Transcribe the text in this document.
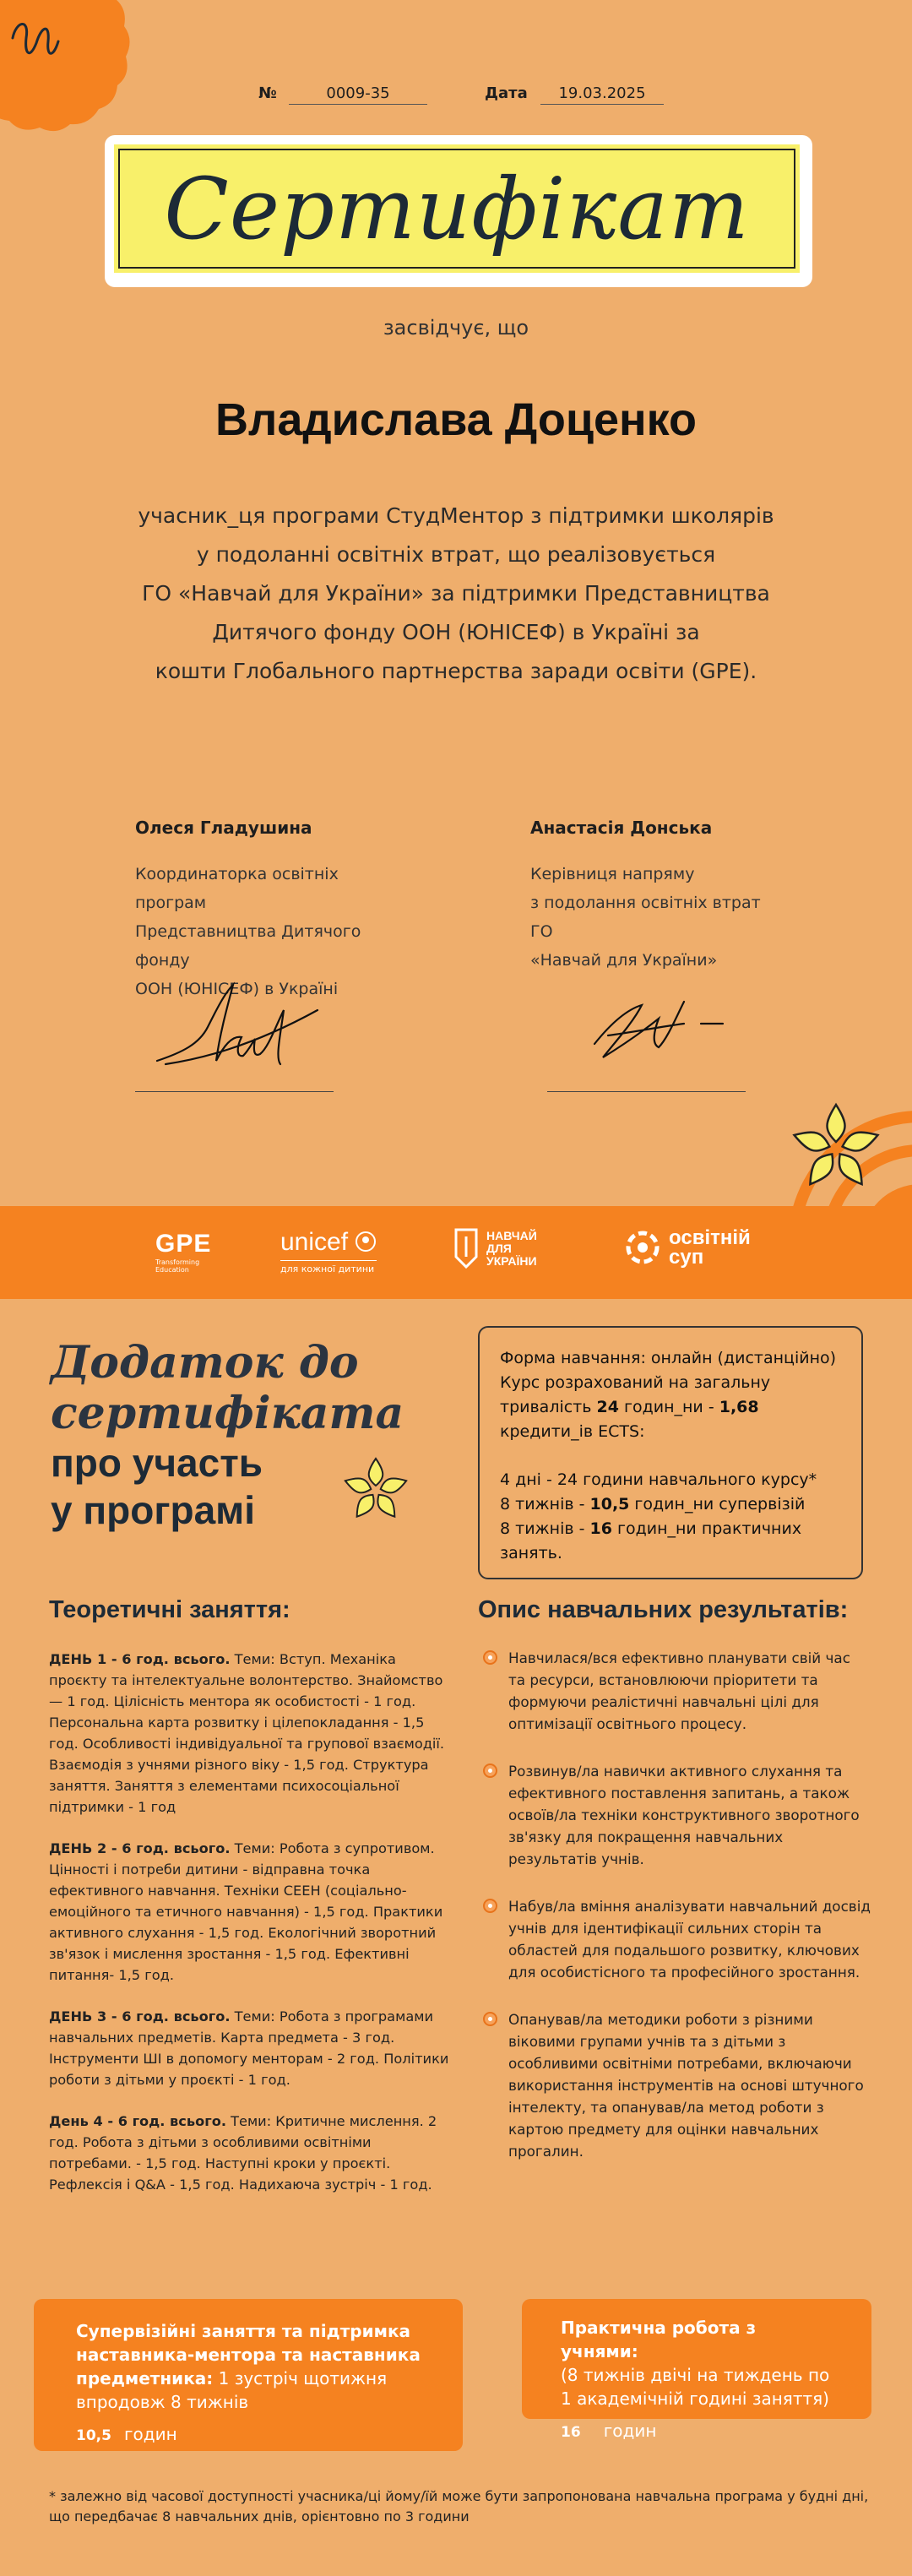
№	0009-35	Дата	19.03.2025
Сертифікат
засвідчує, що
Владислава Доценко
учасник_ця програми СтудМентор з підтримки школярів
у подоланні освітніх втрат, що реалізовується
ГО «Навчай для України» за підтримки Представництва
Дитячого фонду ООН (ЮНІСЕФ) в Україні за
кошти Глобального партнерства заради освіти (GPE).
Олеся Гладушина
Координаторка освітніх програм
Представництва Дитячого фонду
ООН (ЮНІСЕФ) в Україні
Анастасія Донська
Керівниця напряму
з подолання освітніх втрат ГО
«Навчай для України»
GPE
Transforming Education
unicef
для кожної дитини
НАВЧАЙ
ДЛЯ
УКРАЇНИ
освітній
суп
Додаток до
сертифіката
про участь
у програмі

Форма навчання: онлайн (дистанційно) Курс розрахований на загальну тривалість 24 годин_ни - 1,68 кредити_ів ECTS:

4 дні - 24 години навчального курсу*
8 тижнів - 10,5 годин_ни супервізій
8 тижнів - 16 годин_ни практичних занять.

Теоретичні заняття:	Опис навчальних результатів:
ДЕНЬ 1 - 6 год. всього. Теми: Вступ. Механіка проєкту та інтелектуальне волонтерство. Знайомство — 1 год. Цілісність ментора як особистості - 1 год. Персональна карта розвитку і цілепокладання - 1,5 год. Особливості індивідуальної та групової взаємодії. Взаємодія з учнями різного віку - 1,5 год. Структура заняття. Заняття з елементами психосоціальної підтримки - 1 год
ДЕНЬ 2 - 6 год. всього. Теми: Робота з супротивом. Цінності і потреби дитини - відправна точка ефективного навчання. Техніки СЕЕН (соціально-емоційного та етичного навчання) - 1,5 год. Практики активного слухання - 1,5 год. Екологічний зворотний зв'язок і мислення зростання - 1,5 год. Ефективні питання- 1,5 год.
ДЕНЬ 3 - 6 год. всього. Теми: Робота з програмами навчальних предметів. Карта предмета - 3 год. Інструменти ШІ в допомогу менторам - 2 год. Політики роботи з дітьми у проєкті - 1 год.
День 4 - 6 год. всього. Теми: Критичне мислення. 2 год. Робота з дітьми з особливими освітніми потребами. - 1,5 год. Наступні кроки у проєкті. Рефлексія і Q&A - 1,5 год. Надихаюча зустріч - 1 год.
Навчилася/вся ефективно планувати свій час та ресурси, встановлюючи пріоритети та формуючи реалістичні навчальні цілі для оптимізації освітнього процесу.
Розвинув/ла навички активного слухання та ефективного поставлення запитань, а також освоїв/ла техніки конструктивного зворотного зв'язку для покращення навчальних результатів учнів.
Набув/ла вміння аналізувати навчальний досвід учнів для ідентифікації сильних сторін та областей для подальшого розвитку, ключових для особистісного та професійного зростання.
Опанував/ла методики роботи з різними віковими групами учнів та з дітьми з особливими освітніми потребами, включаючи використання інструментів на основі штучного інтелекту, та опанував/ла метод роботи з картою предмету для оцінки навчальних прогалин.
Супервізійні заняття та підтримка наставника-ментора та наставника предметника: 1 зустріч щотижня впродовж 8 тижнів
10,5 годин
Практична робота з учнями:
(8 тижнів двічі на тиждень по 1 академічній годині заняття)
16 годин
* залежно від часової доступності учасника/ці йому/їй може бути запропонована навчальна програма у будні дні, що передбачає 8 навчальних днів, орієнтовно по 3 години
